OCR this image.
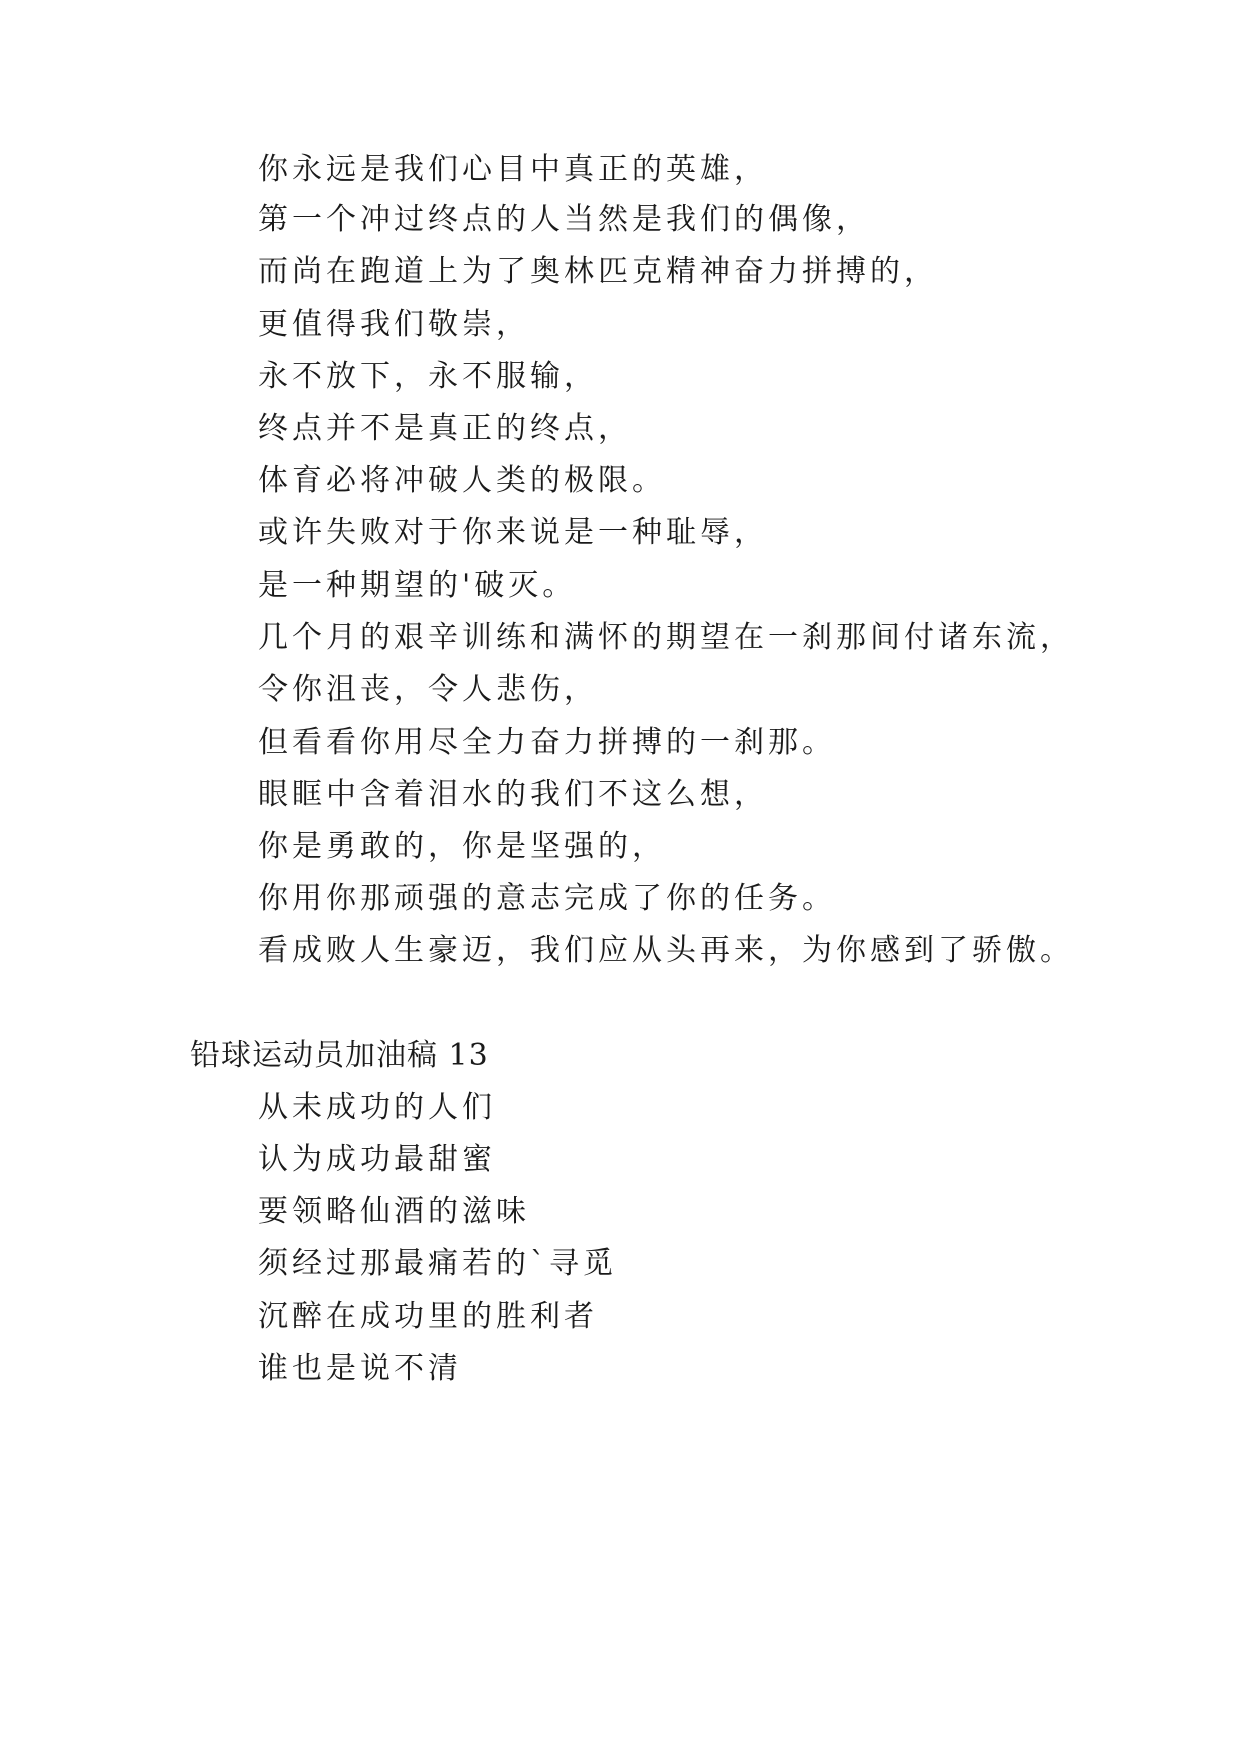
你永远是我们心目中真正的英雄，
第一个冲过终点的人当然是我们的偶像，
而尚在跑道上为了奥林匹克精神奋力拼搏的，
更值得我们敬崇，
永不放下，永不服输，
终点并不是真正的终点，
体育必将冲破人类的极限。
或许失败对于你来说是一种耻辱，
是一种期望的'破灭。
几个月的艰辛训练和满怀的期望在一刹那间付诸东流，
令你沮丧，令人悲伤，
但看看你用尽全力奋力拼搏的一刹那。
眼眶中含着泪水的我们不这么想，
你是勇敢的，你是坚强的，
你用你那顽强的意志完成了你的任务。
看成败人生豪迈，我们应从头再来，为你感到了骄傲。
铅球运动员加油稿 13
从未成功的人们
认为成功最甜蜜
要领略仙酒的滋味
须经过那最痛若的`寻觅
沉醉在成功里的胜利者
谁也是说不清
